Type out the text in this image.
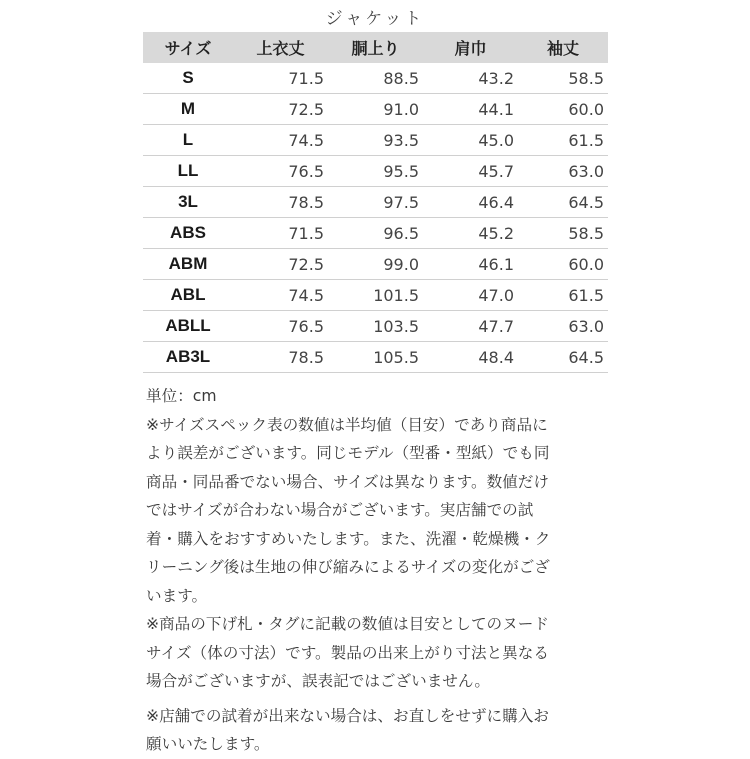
ジャケット
サイズ	上衣丈	胴上り	肩巾	袖丈
S	71.5	88.5	43.2	58.5
M	72.5	91.0	44.1	60.0
L	74.5	93.5	45.0	61.5
LL	76.5	95.5	45.7	63.0
3L	78.5	97.5	46.4	64.5
ABS	71.5	96.5	45.2	58.5
ABM	72.5	99.0	46.1	60.0
ABL	74.5	101.5	47.0	61.5
ABLL	76.5	103.5	47.7	63.0
AB3L	78.5	105.5	48.4	64.5

単位：cm

※サイズスペック表の数値は半均値（目安）であり商品に

より誤差がございます。同じモデル（型番・型紙）でも同

商品・同品番でない場合、サイズは異なります。数値だけ

ではサイズが合わない場合がございます。実店舗での試

着・購入をおすすめいたします。また、洗濯・乾燥機・ク

リーニング後は生地の伸び縮みによるサイズの変化がござ

います。

※商品の下げ札・タグに記載の数値は目安としてのヌード

サイズ（体の寸法）です。製品の出来上がり寸法と異なる

場合がございますが、誤表記ではございません。

※店舗での試着が出来ない場合は、お直しをせずに購入お

願いいたします。
